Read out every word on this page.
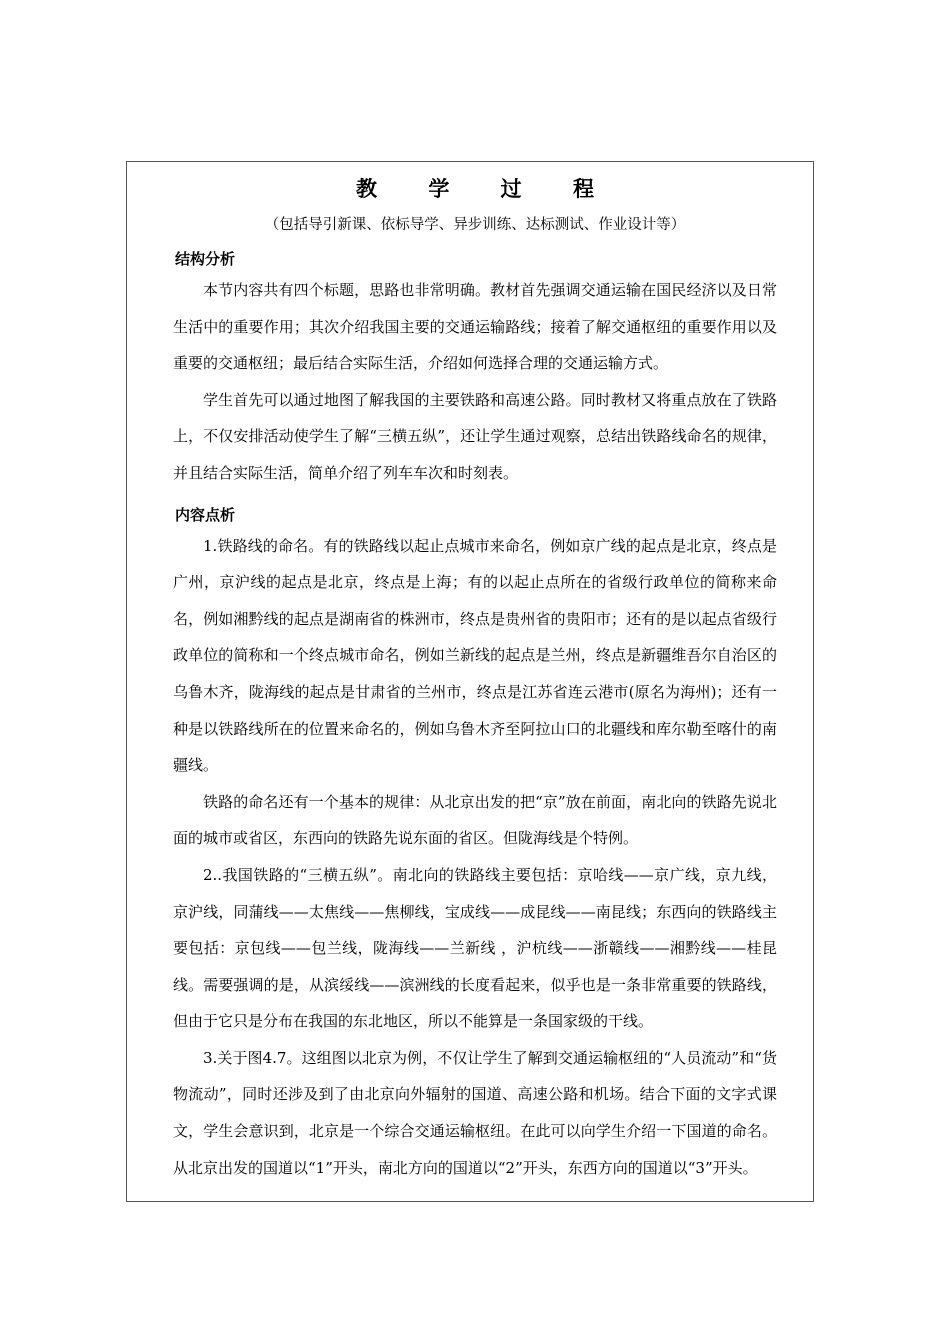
教 学 过 程
（包括导引新课、依标导学、异步训练、达标测试、作业设计等）
结构分析

本节内容共有四个标题，思路也非常明确。教材首先强调交通运输在国民经济以及日常生活中的重要作用；其次介绍我国主要的交通运输路线；接着了解交通枢纽的重要作用以及重要的交通枢纽；最后结合实际生活，介绍如何选择合理的交通运输方式。

学生首先可以通过地图了解我国的主要铁路和高速公路。同时教材又将重点放在了铁路上，不仅安排活动使学生了解“三横五纵”，还让学生通过观察，总结出铁路线命名的规律，并且结合实际生活，简单介绍了列车车次和时刻表。

内容点析

1.铁路线的命名。有的铁路线以起止点城市来命名，例如京广线的起点是北京，终点是广州，京沪线的起点是北京，终点是上海；有的以起止点所在的省级行政单位的简称来命名，例如湘黔线的起点是湖南省的株洲市，终点是贵州省的贵阳市；还有的是以起点省级行政单位的简称和一个终点城市命名，例如兰新线的起点是兰州，终点是新疆维吾尔自治区的乌鲁木齐，陇海线的起点是甘肃省的兰州市，终点是江苏省连云港市(原名为海州)；还有一种是以铁路线所在的位置来命名的，例如乌鲁木齐至阿拉山口的北疆线和库尔勒至喀什的南疆线。

铁路的命名还有一个基本的规律：从北京出发的把“京”放在前面，南北向的铁路先说北面的城市或省区，东西向的铁路先说东面的省区。但陇海线是个特例。

2..我国铁路的“三横五纵”。南北向的铁路线主要包括：京哈线——京广线，京九线，京沪线，同蒲线——太焦线——焦柳线，宝成线——成昆线——南昆线；东西向的铁路线主要包括：京包线——包兰线，陇海线——兰新线 ，沪杭线——浙赣线——湘黔线——桂昆线。需要强调的是，从滨绥线——滨洲线的长度看起来，似乎也是一条非常重要的铁路线，但由于它只是分布在我国的东北地区，所以不能算是一条国家级的干线。

3.关于图4.7。这组图以北京为例，不仅让学生了解到交通运输枢纽的“人员流动”和“货物流动”，同时还涉及到了由北京向外辐射的国道、高速公路和机场。结合下面的文字式课文，学生会意识到，北京是一个综合交通运输枢纽。在此可以向学生介绍一下国道的命名。从北京出发的国道以“1”开头，南北方向的国道以“2”开头，东西方向的国道以“3”开头。
